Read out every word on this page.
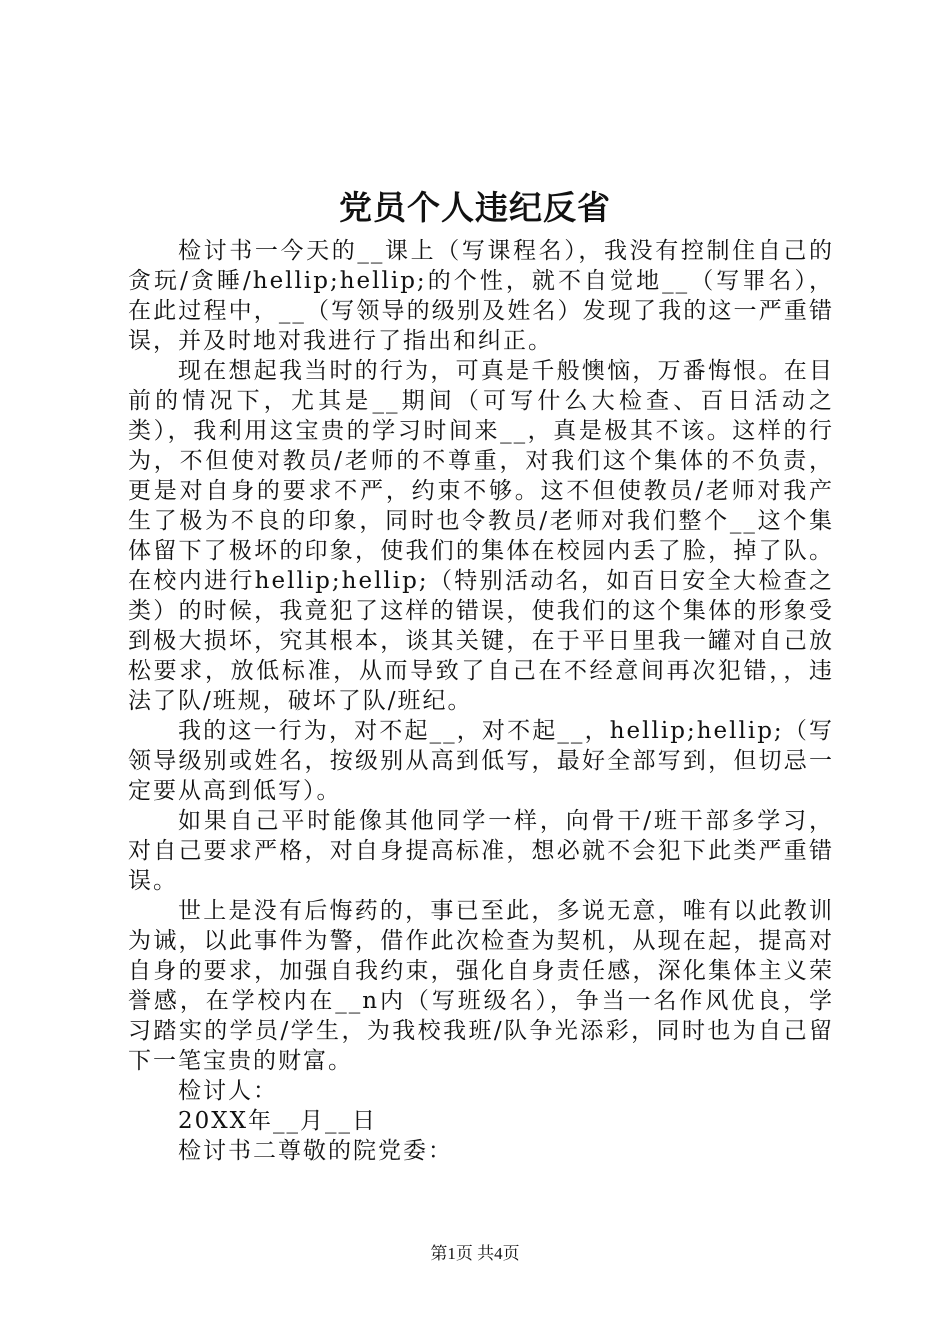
党员个人违纪反省

检讨书一今天的__课上（写课程名），我没有控制住自己的贪玩/贪睡/hellip;hellip;的个性，就不自觉地__（写罪名），在此过程中，__（写领导的级别及姓名）发现了我的这一严重错误，并及时地对我进行了指出和纠正。

现在想起我当时的行为，可真是千般懊恼，万番悔恨。在目前的情况下，尤其是__期间（可写什么大检查、百日活动之类），我利用这宝贵的学习时间来__，真是极其不该。这样的行为，不但使对教员/老师的不尊重，对我们这个集体的不负责，更是对自身的要求不严，约束不够。这不但使教员/老师对我产生了极为不良的印象，同时也令教员/老师对我们整个__这个集体留下了极坏的印象，使我们的集体在校园内丢了脸，掉了队。在校内进行hellip;hellip;（特别活动名，如百日安全大检查之类）的时候，我竟犯了这样的错误，使我们的这个集体的形象受到极大损坏，究其根本，谈其关键，在于平日里我一罐对自己放松要求，放低标准，从而导致了自己在不经意间再次犯错，，违法了队/班规，破坏了队/班纪。

我的这一行为，对不起__，对不起__，hellip;hellip;（写领导级别或姓名，按级别从高到低写，最好全部写到，但切忌一定要从高到低写）。

如果自己平时能像其他同学一样，向骨干/班干部多学习，对自己要求严格，对自身提高标准，想必就不会犯下此类严重错误。

世上是没有后悔药的，事已至此，多说无意，唯有以此教训为诫，以此事件为警，借作此次检查为契机，从现在起，提高对自身的要求，加强自我约束，强化自身责任感，深化集体主义荣誉感，在学校内在__n内（写班级名），争当一名作风优良，学习踏实的学员/学生，为我校我班/队争光添彩，同时也为自己留下一笔宝贵的财富。

检讨人：

20XX年__月__日

检讨书二尊敬的院党委：

第1页 共4页
